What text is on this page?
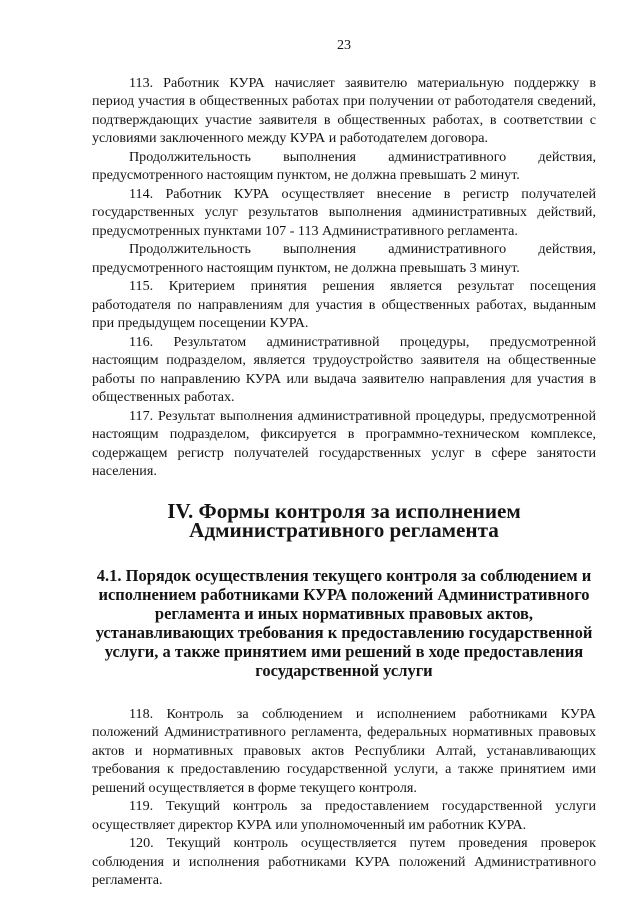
23

113. Работник КУРА начисляет заявителю материальную поддержку в период участия в общественных работах при получении от работодателя сведений, подтверждающих участие заявителя в общественных работах, в соответствии с условиями заключенного между КУРА и работодателем договора.

Продолжительность выполнения административного действия, предусмотренного настоящим пунктом, не должна превышать 2 минут.

114. Работник КУРА осуществляет внесение в регистр получателей государственных услуг результатов выполнения административных действий, предусмотренных пунктами 107 - 113 Административного регламента.

Продолжительность выполнения административного действия, предусмотренного настоящим пунктом, не должна превышать 3 минут.

115. Критерием принятия решения является результат посещения работодателя по направлениям для участия в общественных работах, выданным при предыдущем посещении КУРА.

116. Результатом административной процедуры, предусмотренной настоящим подразделом, является трудоустройство заявителя на общественные работы по направлению КУРА или выдача заявителю направления для участия в общественных работах.

117. Результат выполнения административной процедуры, предусмотренной настоящим подразделом, фиксируется в программно-техническом комплексе, содержащем регистр получателей государственных услуг в сфере занятости населения.

IV. Формы контроля за исполнением Административного регламента
4.1. Порядок осуществления текущего контроля за соблюдением и исполнением работниками КУРА положений Административного регламента и иных нормативных правовых актов, устанавливающих требования к предоставлению государственной услуги, а также принятием ими решений в ходе предоставления государственной услуги

118. Контроль за соблюдением и исполнением работниками КУРА положений Административного регламента, федеральных нормативных правовых актов и нормативных правовых актов Республики Алтай, устанавливающих требования к предоставлению государственной услуги, а также принятием ими решений осуществляется в форме текущего контроля.

119. Текущий контроль за предоставлением государственной услуги осуществляет директор КУРА или уполномоченный им работник КУРА.

120. Текущий контроль осуществляется путем проведения проверок соблюдения и исполнения работниками КУРА положений Административного регламента.
